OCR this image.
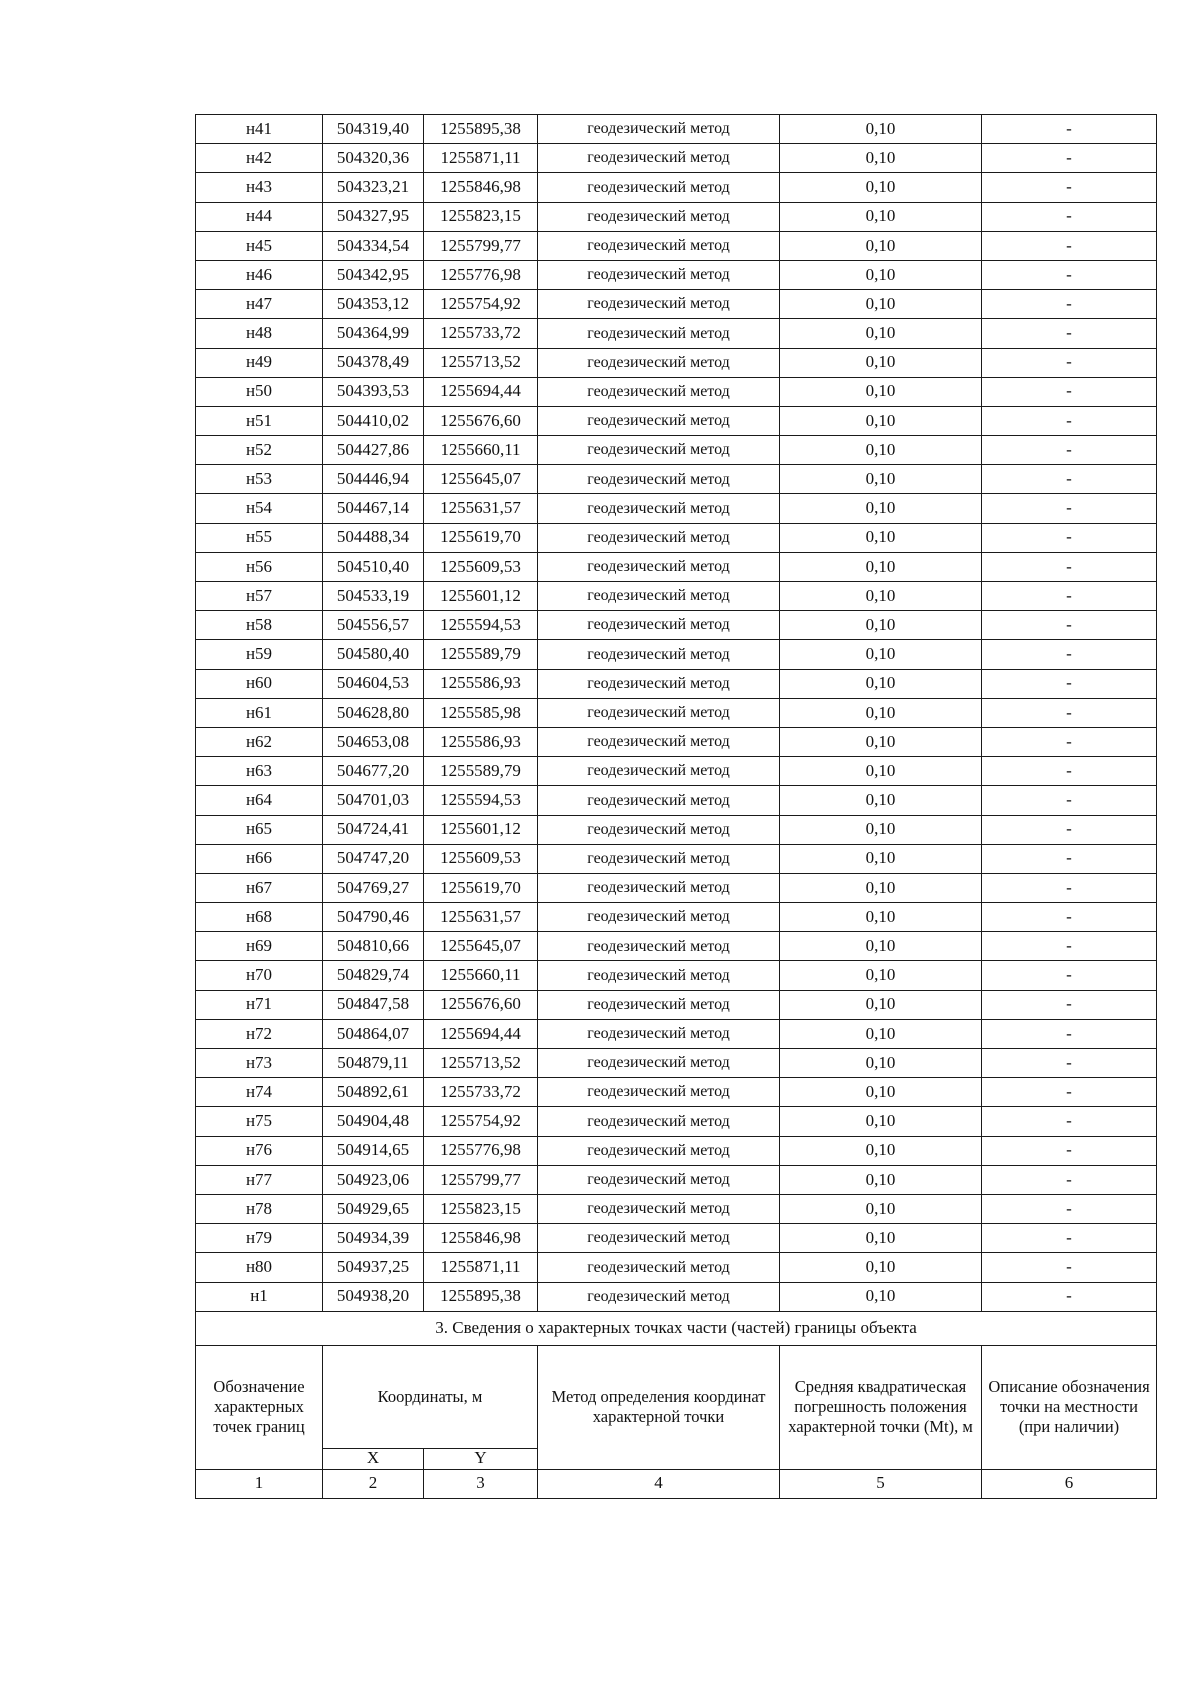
н41	504319,40	1255895,38	геодезический метод	0,10	-
н42	504320,36	1255871,11	геодезический метод	0,10	-
н43	504323,21	1255846,98	геодезический метод	0,10	-
н44	504327,95	1255823,15	геодезический метод	0,10	-
н45	504334,54	1255799,77	геодезический метод	0,10	-
н46	504342,95	1255776,98	геодезический метод	0,10	-
н47	504353,12	1255754,92	геодезический метод	0,10	-
н48	504364,99	1255733,72	геодезический метод	0,10	-
н49	504378,49	1255713,52	геодезический метод	0,10	-
н50	504393,53	1255694,44	геодезический метод	0,10	-
н51	504410,02	1255676,60	геодезический метод	0,10	-
н52	504427,86	1255660,11	геодезический метод	0,10	-
н53	504446,94	1255645,07	геодезический метод	0,10	-
н54	504467,14	1255631,57	геодезический метод	0,10	-
н55	504488,34	1255619,70	геодезический метод	0,10	-
н56	504510,40	1255609,53	геодезический метод	0,10	-
н57	504533,19	1255601,12	геодезический метод	0,10	-
н58	504556,57	1255594,53	геодезический метод	0,10	-
н59	504580,40	1255589,79	геодезический метод	0,10	-
н60	504604,53	1255586,93	геодезический метод	0,10	-
н61	504628,80	1255585,98	геодезический метод	0,10	-
н62	504653,08	1255586,93	геодезический метод	0,10	-
н63	504677,20	1255589,79	геодезический метод	0,10	-
н64	504701,03	1255594,53	геодезический метод	0,10	-
н65	504724,41	1255601,12	геодезический метод	0,10	-
н66	504747,20	1255609,53	геодезический метод	0,10	-
н67	504769,27	1255619,70	геодезический метод	0,10	-
н68	504790,46	1255631,57	геодезический метод	0,10	-
н69	504810,66	1255645,07	геодезический метод	0,10	-
н70	504829,74	1255660,11	геодезический метод	0,10	-
н71	504847,58	1255676,60	геодезический метод	0,10	-
н72	504864,07	1255694,44	геодезический метод	0,10	-
н73	504879,11	1255713,52	геодезический метод	0,10	-
н74	504892,61	1255733,72	геодезический метод	0,10	-
н75	504904,48	1255754,92	геодезический метод	0,10	-
н76	504914,65	1255776,98	геодезический метод	0,10	-
н77	504923,06	1255799,77	геодезический метод	0,10	-
н78	504929,65	1255823,15	геодезический метод	0,10	-
н79	504934,39	1255846,98	геодезический метод	0,10	-
н80	504937,25	1255871,11	геодезический метод	0,10	-
н1	504938,20	1255895,38	геодезический метод	0,10	-
3. Сведения о характерных точках части (частей) границы объекта					
Обозначение характерных точек границ	Координаты, м		Метод определения координат характерной точки	Средняя квадратическая погрешность положения характерной точки (Mt), м	Описание обозначения точки на местности (при наличии)
	X	Y			
1	2	3	4	5	6
